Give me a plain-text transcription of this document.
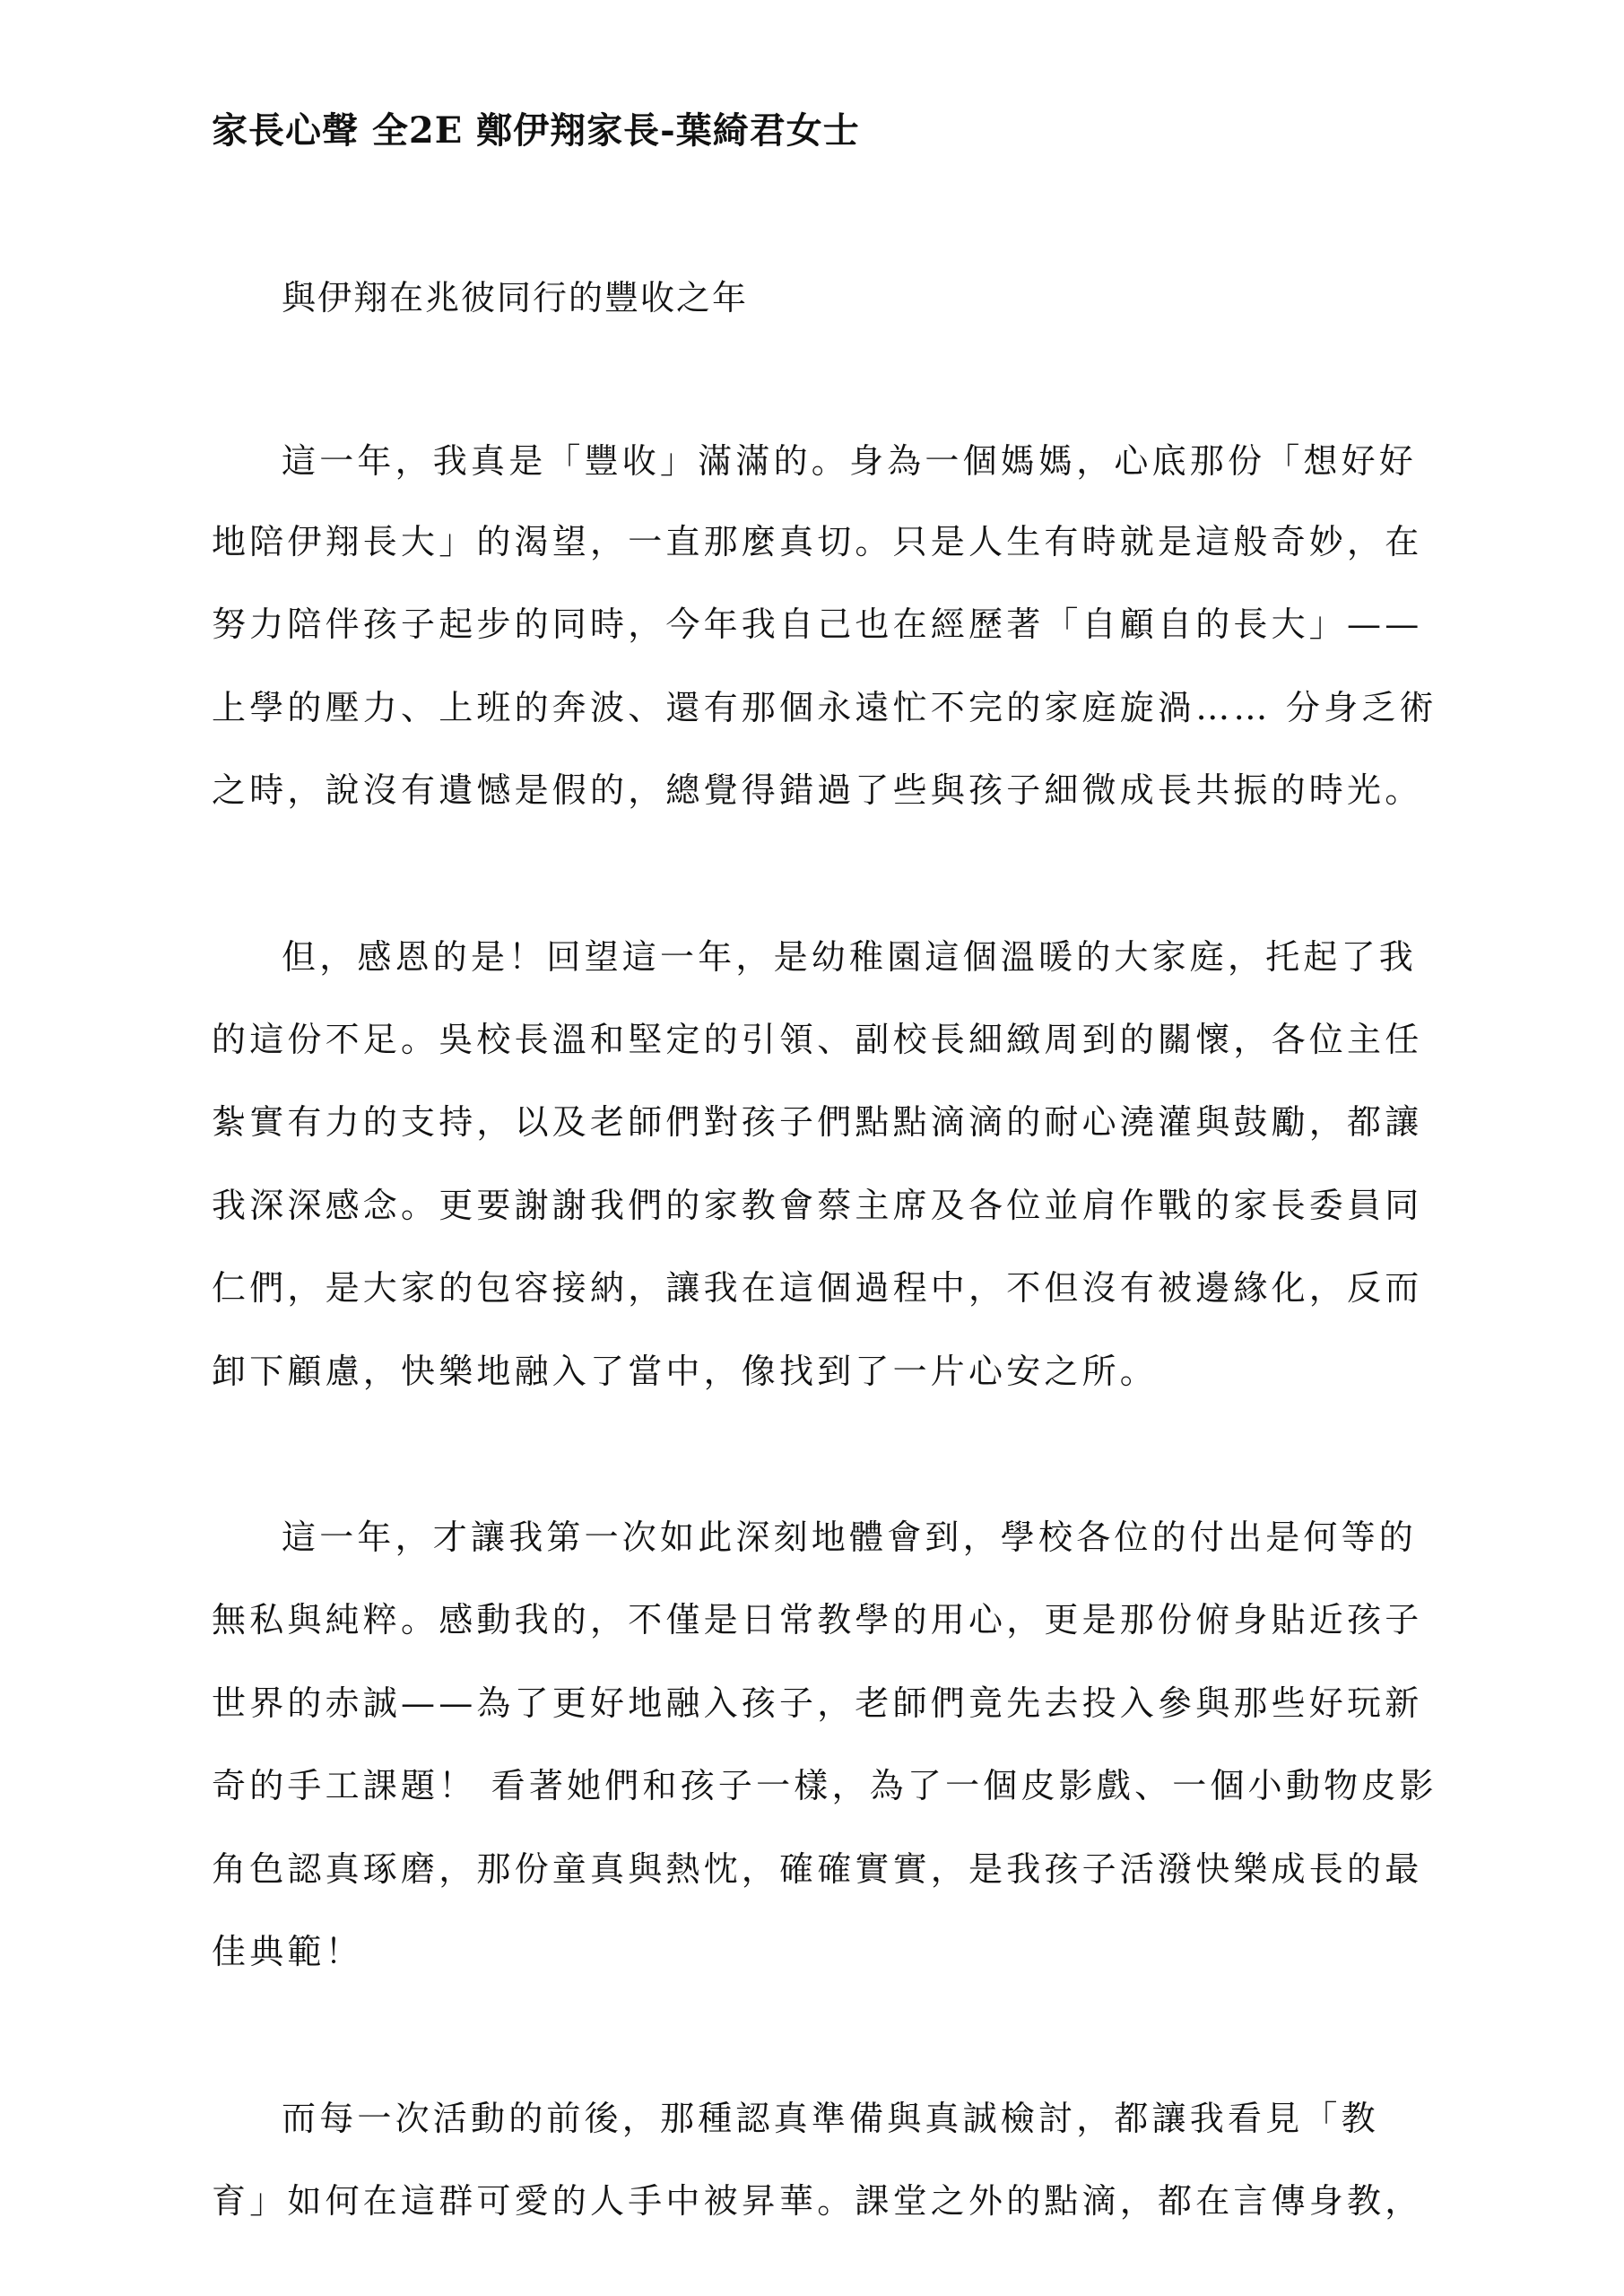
家長心聲 全2E 鄭伊翔家長-葉綺君女士
與伊翔在兆彼同行的豐收之年
這一年，我真是「豐收」滿滿的。身為一個媽媽，心底那份「想好好
地陪伊翔長大」的渴望，一直那麼真切。只是人生有時就是這般奇妙，在
努力陪伴孩子起步的同時，今年我自己也在經歷著「自顧自的長大」——
上學的壓力、上班的奔波、還有那個永遠忙不完的家庭旋渦…… 分身乏術
之時，說沒有遺憾是假的，總覺得錯過了些與孩子細微成長共振的時光。
但，感恩的是！回望這一年，是幼稚園這個溫暖的大家庭，托起了我
的這份不足。吳校長溫和堅定的引領、副校長細緻周到的關懷，各位主任
紮實有力的支持，以及老師們對孩子們點點滴滴的耐心澆灌與鼓勵，都讓
我深深感念。更要謝謝我們的家教會蔡主席及各位並肩作戰的家長委員同
仁們，是大家的包容接納，讓我在這個過程中，不但沒有被邊緣化，反而
卸下顧慮，快樂地融入了當中，像找到了一片心安之所。
這一年，才讓我第一次如此深刻地體會到，學校各位的付出是何等的
無私與純粹。感動我的，不僅是日常教學的用心，更是那份俯身貼近孩子
世界的赤誠——為了更好地融入孩子，老師們竟先去投入參與那些好玩新
奇的手工課題！ 看著她們和孩子一樣，為了一個皮影戲、一個小動物皮影
角色認真琢磨，那份童真與熱忱，確確實實，是我孩子活潑快樂成長的最
佳典範！
而每一次活動的前後，那種認真準備與真誠檢討，都讓我看見「教
育」如何在這群可愛的人手中被昇華。課堂之外的點滴，都在言傳身教，
